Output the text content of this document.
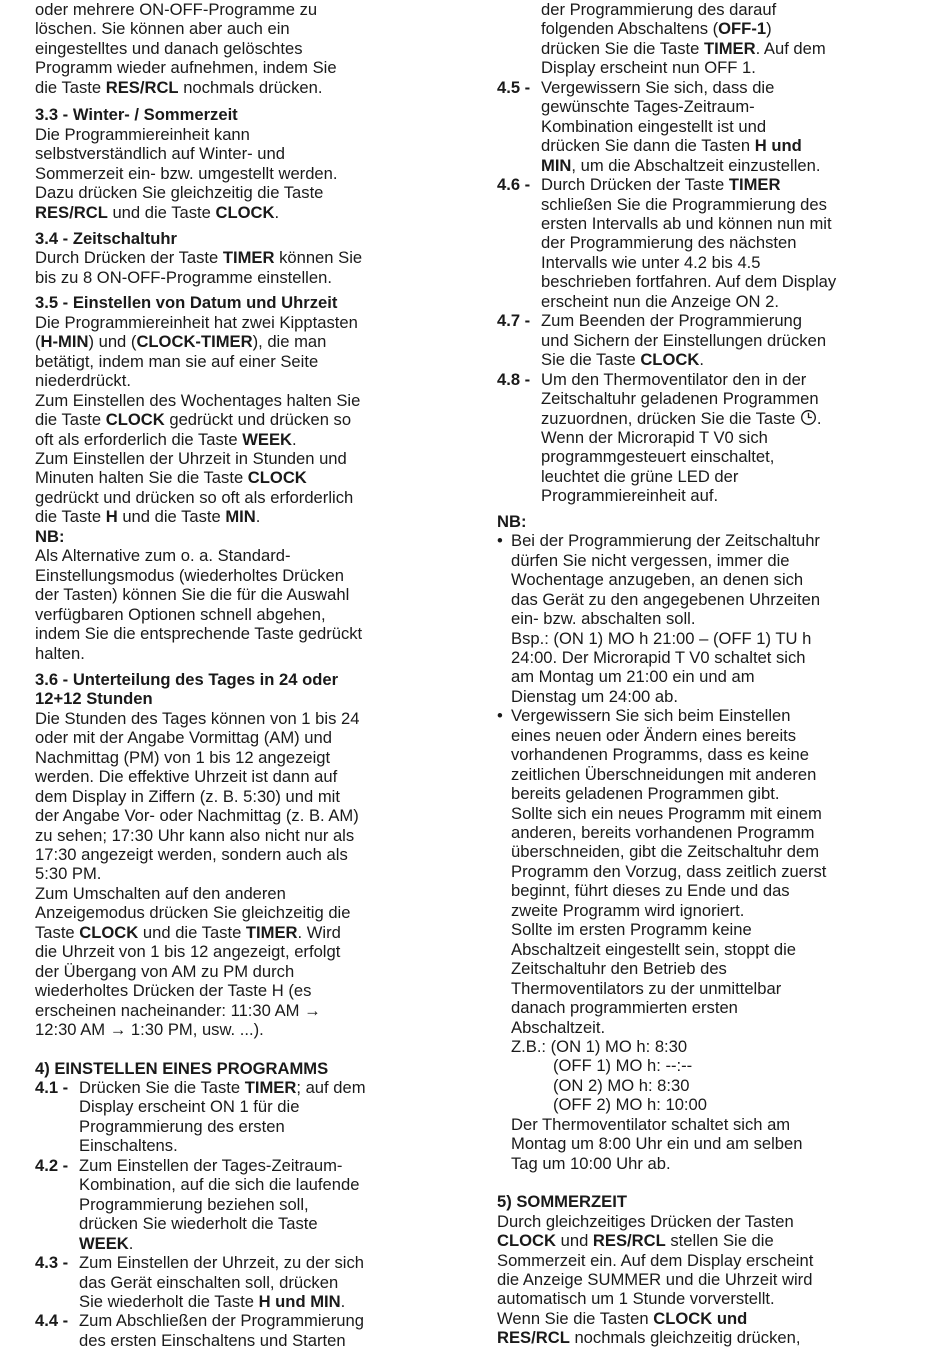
oder mehrere ON-OFF-Programme zu

löschen. Sie können aber auch ein

eingestelltes und danach gelöschtes

Programm wieder aufnehmen, indem Sie

die Taste RES/RCL nochmals drücken.

3.3 - Winter- / Sommerzeit

Die Programmiereinheit kann

selbstverständlich auf Winter- und

Sommerzeit ein- bzw. umgestellt werden.

Dazu drücken Sie gleichzeitig die Taste

RES/RCL und die Taste CLOCK.

3.4 - Zeitschaltuhr

Durch Drücken der Taste TIMER können Sie

bis zu 8 ON-OFF-Programme einstellen.

3.5 - Einstellen von Datum und Uhrzeit

Die Programmiereinheit hat zwei Kipptasten

(H-MIN) und (CLOCK-TIMER), die man

betätigt, indem man sie auf einer Seite

niederdrückt.

Zum Einstellen des Wochentages halten Sie

die Taste CLOCK gedrückt und drücken so

oft als erforderlich die Taste WEEK.

Zum Einstellen der Uhrzeit in Stunden und

Minuten halten Sie die Taste CLOCK

gedrückt und drücken so oft als erforderlich

die Taste H und die Taste MIN.

NB:

Als Alternative zum o. a. Standard-

Einstellungsmodus (wiederholtes Drücken

der Tasten) können Sie die für die Auswahl

verfügbaren Optionen schnell abgehen,

indem Sie die entsprechende Taste gedrückt

halten.

3.6 - Unterteilung des Tages in 24 oder

12+12 Stunden

Die Stunden des Tages können von 1 bis 24

oder mit der Angabe Vormittag (AM) und

Nachmittag (PM) von 1 bis 12 angezeigt

werden. Die effektive Uhrzeit ist dann auf

dem Display in Ziffern (z. B. 5:30) und mit

der Angabe Vor- oder Nachmittag (z. B. AM)

zu sehen; 17:30 Uhr kann also nicht nur als

17:30 angezeigt werden, sondern auch als

5:30 PM.

Zum Umschalten auf den anderen

Anzeigemodus drücken Sie gleichzeitig die

Taste CLOCK und die Taste TIMER. Wird

die Uhrzeit von 1 bis 12 angezeigt, erfolgt

der Übergang von AM zu PM durch

wiederholtes Drücken der Taste H (es

erscheinen nacheinander: 11:30 AM →

12:30 AM → 1:30 PM, usw. ...).

4) EINSTELLEN EINES PROGRAMMS

4.1 - Drücken Sie die Taste TIMER; auf dem

Display erscheint ON 1 für die

Programmierung des ersten

Einschaltens.

4.2 - Zum Einstellen der Tages-Zeitraum-

Kombination, auf die sich die laufende

Programmierung beziehen soll,

drücken Sie wiederholt die Taste

WEEK.

4.3 - Zum Einstellen der Uhrzeit, zu der sich

das Gerät einschalten soll, drücken

Sie wiederholt die Taste H und MIN.

4.4 - Zum Abschließen der Programmierung

des ersten Einschaltens und Starten

der Programmierung des darauf

folgenden Abschaltens (OFF-1)

drücken Sie die Taste TIMER. Auf dem

Display erscheint nun OFF 1.

4.5 - Vergewissern Sie sich, dass die

gewünschte Tages-Zeitraum-

Kombination eingestellt ist und

drücken Sie dann die Tasten H und

MIN, um die Abschaltzeit einzustellen.

4.6 - Durch Drücken der Taste TIMER

schließen Sie die Programmierung des

ersten Intervalls ab und können nun mit

der Programmierung des nächsten

Intervalls wie unter 4.2 bis 4.5

beschrieben fortfahren. Auf dem Display

erscheint nun die Anzeige ON 2.

4.7 - Zum Beenden der Programmierung

und Sichern der Einstellungen drücken

Sie die Taste CLOCK.

4.8 - Um den Thermoventilator den in der

Zeitschaltuhr geladenen Programmen

zuzuordnen, drücken Sie die Taste .

Wenn der Microrapid T V0 sich

programmgesteuert einschaltet,

leuchtet die grüne LED der

Programmiereinheit auf.

NB:

• Bei der Programmierung der Zeitschaltuhr

dürfen Sie nicht vergessen, immer die

Wochentage anzugeben, an denen sich

das Gerät zu den angegebenen Uhrzeiten

ein- bzw. abschalten soll.

Bsp.: (ON 1) MO h 21:00 – (OFF 1) TU h

24:00. Der Microrapid T V0 schaltet sich

am Montag um 21:00 ein und am

Dienstag um 24:00 ab.

• Vergewissern Sie sich beim Einstellen

eines neuen oder Ändern eines bereits

vorhandenen Programms, dass es keine

zeitlichen Überschneidungen mit anderen

bereits geladenen Programmen gibt.

Sollte sich ein neues Programm mit einem

anderen, bereits vorhandenen Programm

überschneiden, gibt die Zeitschaltuhr dem

Programm den Vorzug, dass zeitlich zuerst

beginnt, führt dieses zu Ende und das

zweite Programm wird ignoriert.

Sollte im ersten Programm keine

Abschaltzeit eingestellt sein, stoppt die

Zeitschaltuhr den Betrieb des

Thermoventilators zu der unmittelbar

danach programmierten ersten

Abschaltzeit.

Z.B.: (ON 1) MO h: 8:30

(OFF 1) MO h: --:--

(ON 2) MO h: 8:30

(OFF 2) MO h: 10:00

Der Thermoventilator schaltet sich am

Montag um 8:00 Uhr ein und am selben

Tag um 10:00 Uhr ab.

5) SOMMERZEIT

Durch gleichzeitiges Drücken der Tasten

CLOCK und RES/RCL stellen Sie die

Sommerzeit ein. Auf dem Display erscheint

die Anzeige SUMMER und die Uhrzeit wird

automatisch um 1 Stunde vorverstellt.

Wenn Sie die Tasten CLOCK und

RES/RCL nochmals gleichzeitig drücken,
